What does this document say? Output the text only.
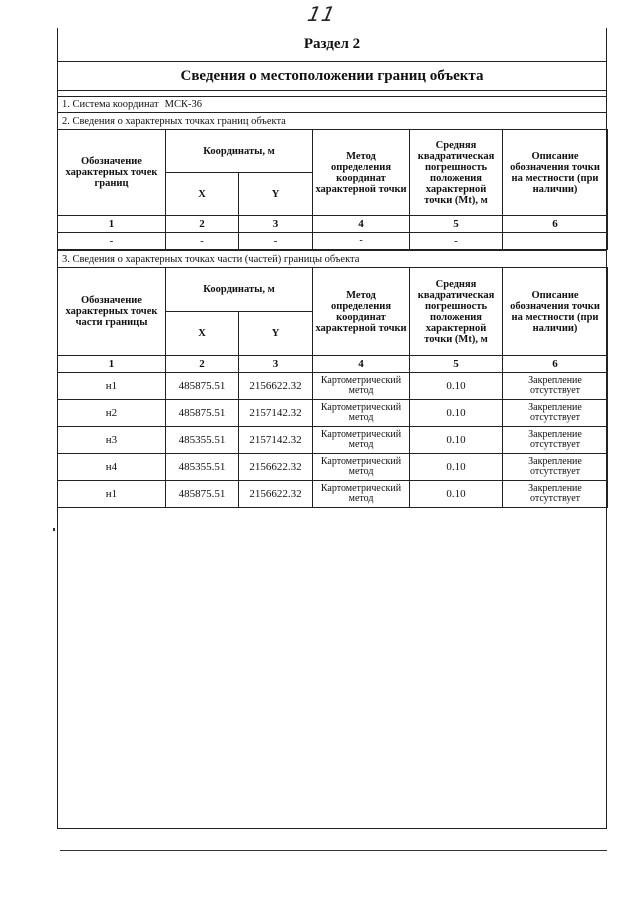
11
Раздел 2
Сведения о местоположении границ объекта
1. Система координат МСК-36
2. Сведения о характерных точках границ объекта
Обозначение характерных точек границ	Координаты, м		Метод определения координат характерной точки	Средняя квадратическая погрешность положения характерной точки (Mt), м	Описание обозначения точки на местности (при наличии)
	X	Y			
1	2	3	4	5	6
-	-	-	-	-	
3. Сведения о характерных точках части (частей) границы объекта
Обозначение характерных точек части границы	Координаты, м		Метод определения координат характерной точки	Средняя квадратическая погрешность положения характерной точки (Mt), м	Описание обозначения точки на местности (при наличии)
	X	Y			
1	2	3	4	5	6
н1	485875.51	2156622.32	Картометрический метод	0.10	Закрепление отсутствует
н2	485875.51	2157142.32	Картометрический метод	0.10	Закрепление отсутствует
н3	485355.51	2157142.32	Картометрический метод	0.10	Закрепление отсутствует
н4	485355.51	2156622.32	Картометрический метод	0.10	Закрепление отсутствует
н1	485875.51	2156622.32	Картометрический метод	0.10	Закрепление отсутствует
